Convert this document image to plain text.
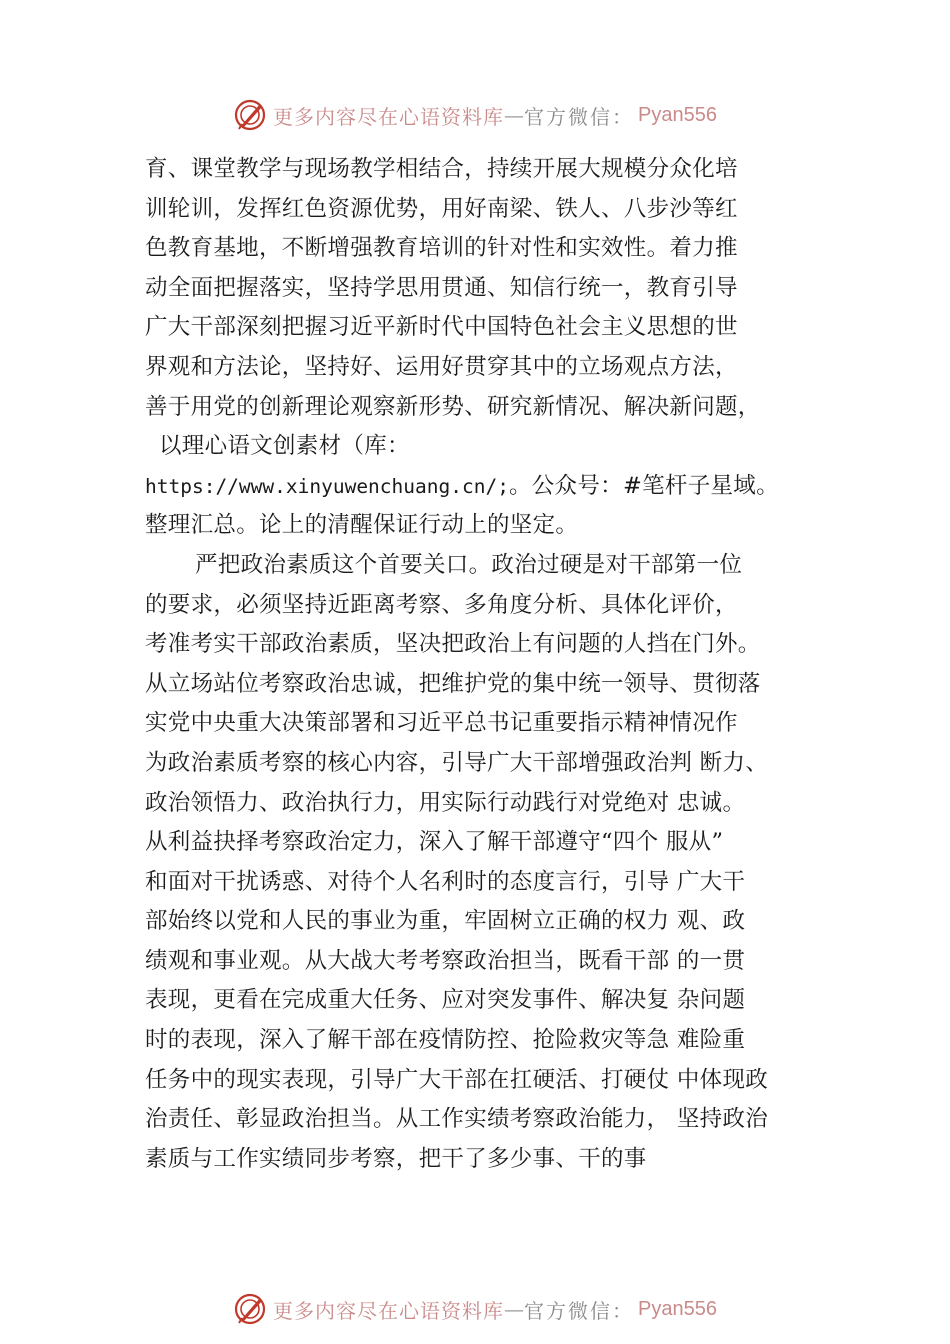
更多内容尽在心语资料库 — 官方微信： Pyan556
育、课堂教学与现场教学相结合，持续开展大规模分众化培
训轮训，发挥红色资源优势，用好南梁、铁人、八步沙等红
色教育基地，不断增强教育培训的针对性和实效性。着力推
动全面把握落实，坚持学思用贯通、知信行统一，教育引导
广大干部深刻把握习近平新时代中国特色社会主义思想的世
界观和方法论，坚持好、运用好贯穿其中的立场观点方法，
善于用党的创新理论观察新形势、研究新情况、解决新问题，
以理心语文创素材（库：
https://www.xinyuwenchuang.cn/;。公众号：#笔杆子星域。
整理汇总。论上的清醒保证行动上的坚定。
严把政治素质这个首要关口。政治过硬是对干部第一位
的要求，必须坚持近距离考察、多角度分析、具体化评价，
考准考实干部政治素质，坚决把政治上有问题的人挡在门外。
从立场站位考察政治忠诚，把维护党的集中统一领导、贯彻落
实党中央重大决策部署和习近平总书记重要指示精神情况作
为政治素质考察的核心内容，引导广大干部增强政治判 断力、
政治领悟力、政治执行力，用实际行动践行对党绝对 忠诚。
从利益抉择考察政治定力，深入了解干部遵守“四个 服从”
和面对干扰诱惑、对待个人名利时的态度言行，引导 广大干
部始终以党和人民的事业为重，牢固树立正确的权力 观、政
绩观和事业观。从大战大考考察政治担当，既看干部 的一贯
表现，更看在完成重大任务、应对突发事件、解决复 杂问题
时的表现，深入了解干部在疫情防控、抢险救灾等急 难险重
任务中的现实表现，引导广大干部在扛硬活、打硬仗 中体现政
治责任、彰显政治担当。从工作实绩考察政治能力， 坚持政治
素质与工作实绩同步考察，把干了多少事、干的事
更多内容尽在心语资料库 — 官方微信： Pyan556
